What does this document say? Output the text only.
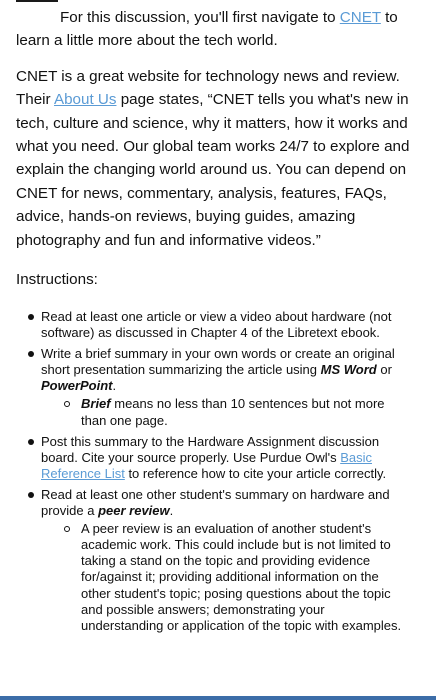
For this discussion, you'll first navigate to CNET to learn a little more about the tech world.

CNET is a great website for technology news and review. Their About Us page states, “CNET tells you what's new in tech, culture and science, why it matters, how it works and what you need. Our global team works 24/7 to explore and explain the changing world around us. You can depend on CNET for news, commentary, analysis, features, FAQs, advice, hands-on reviews, buying guides, amazing photography and fun and informative videos.”

Instructions:

Read at least one article or view a video about hardware (not software) as discussed in Chapter 4 of the Libretext ebook.
Write a brief summary in your own words or create an original short presentation summarizing the article using MS Word or PowerPoint.
Brief means no less than 10 sentences but not more than one page.
Post this summary to the Hardware Assignment discussion board. Cite your source properly. Use Purdue Owl's Basic Reference List to reference how to cite your article correctly.
Read at least one other student's summary on hardware and provide a peer review.
A peer review is an evaluation of another student's academic work. This could include but is not limited to taking a stand on the topic and providing evidence for/against it; providing additional information on the other student's topic; posing questions about the topic and possible answers; demonstrating your understanding or application of the topic with examples.
